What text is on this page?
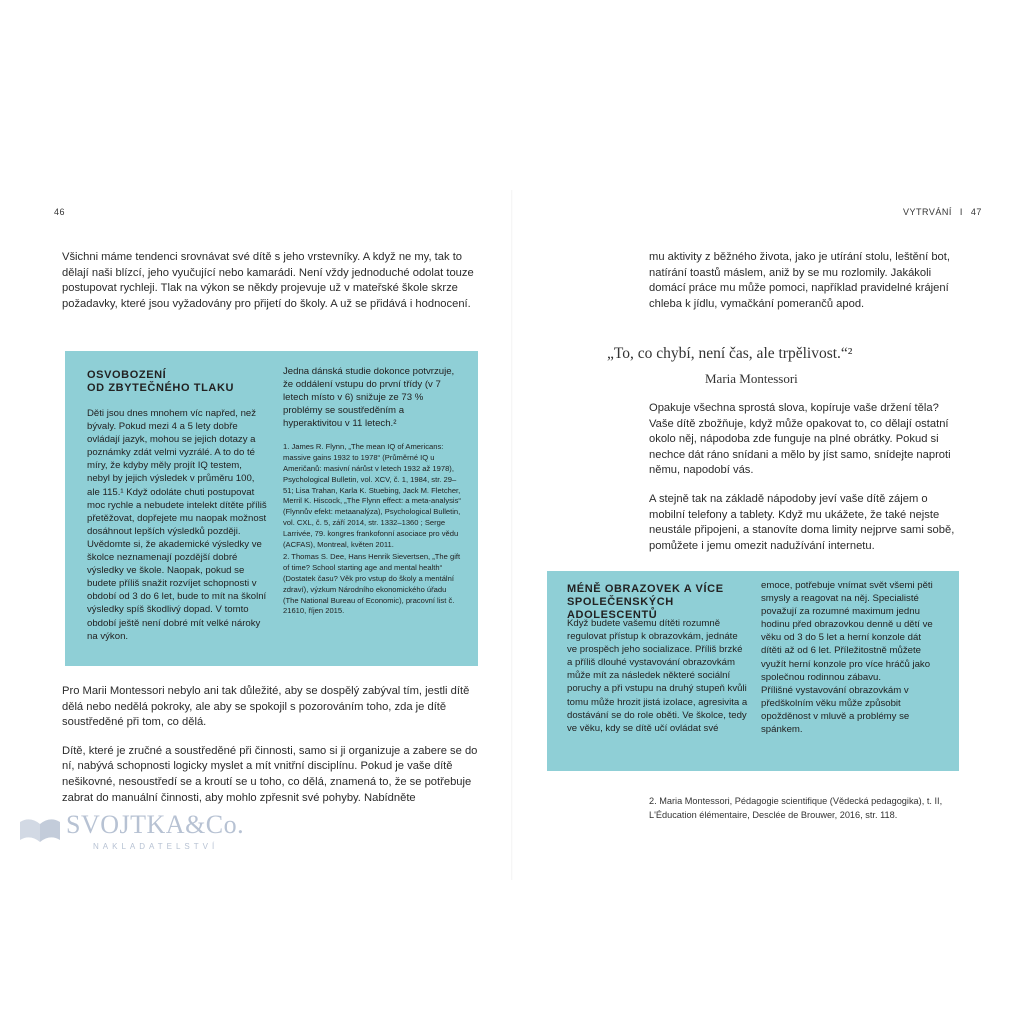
46

Všichni máme tendenci srovnávat své dítě s jeho vrstevníky. A když ne my, tak to dělají naši blízcí, jeho vyučující nebo kamarádi. Není vždy jednoduché odolat touze postupovat rychleji. Tlak na výkon se někdy projevuje už v mateřské škole skrze požadavky, které jsou vyžadovány pro přijetí do školy. A už se přidává i hodnocení.

OSVOBOZENÍ
OD ZBYTEČNÉHO TLAKU

Děti jsou dnes mnohem víc napřed, než bývaly. Pokud mezi 4 a 5 lety dobře ovládají jazyk, mohou se jejich dotazy a poznámky zdát velmi vyzrálé. A to do té míry, že kdyby měly projít IQ testem, nebyl by jejich výsledek v průměru 100, ale 115.¹ Když odoláte chuti postupovat moc rychle a nebudete intelekt dítěte příliš přetěžovat, dopřejete mu naopak možnost dosáhnout lepších výsledků později. Uvědomte si, že akademické výsledky ve školce neznamenají pozdější dobré výsledky ve škole. Naopak, pokud se budete příliš snažit rozvíjet schopnosti v období od 3 do 6 let, bude to mít na školní výsledky spíš škodlivý dopad. V tomto období ještě není dobré mít velké nároky na výkon.

Jedna dánská studie dokonce potvrzuje, že oddálení vstupu do první třídy (v 7 letech místo v 6) snižuje ze 73 % problémy se soustředěním a hyperaktivitou v 11 letech.²

1. James R. Flynn, „The mean IQ of Americans: massive gains 1932 to 1978“ (Průměrné IQ u Američanů: masivní nárůst v letech 1932 až 1978), Psychological Bulletin, vol. XCV, č. 1, 1984, str. 29–51; Lisa Trahan, Karla K. Stuebing, Jack M. Fletcher, Merril K. Hiscock, „The Flynn effect: a meta-analysis“ (Flynnův efekt: metaanalýza), Psychological Bulletin, vol. CXL, č. 5, září 2014, str. 1332–1360 ; Serge Larrivée, 79. kongres frankofonní asociace pro vědu (ACFAS), Montreal, květen 2011.

2. Thomas S. Dee, Hans Henrik Sievertsen, „The gift of time? School starting age and mental health“ (Dostatek času? Věk pro vstup do školy a mentální zdraví), výzkum Národního ekonomického úřadu (The National Bureau of Economic), pracovní list č. 21610, říjen 2015.

Pro Marii Montessori nebylo ani tak důležité, aby se dospělý zabýval tím, jestli dítě dělá nebo nedělá pokroky, ale aby se spokojil s pozorováním toho, zda je dítě soustředěné při tom, co dělá.

Dítě, které je zručné a soustředěné při činnosti, samo si ji organizuje a zabere se do ní, nabývá schopnosti logicky myslet a mít vnitřní disciplínu. Pokud je vaše dítě nešikovné, nesoustředí se a kroutí se u toho, co dělá, znamená to, že se potřebuje zabrat do manuální činnosti, aby mohlo zpřesnit své pohyby. Nabídněte

SVOJTKA&Co.
NAKLADATELSTVÍ
VYTRVÁNÍ I 47

mu aktivity z běžného života, jako je utírání stolu, leštění bot, natírání toastů máslem, aniž by se mu rozlomily. Jakákoli domácí práce mu může pomoci, například pravidelné krájení chleba k jídlu, vymačkání pomerančů apod.

„To, co chybí, není čas, ale trpělivost.“²
Maria Montessori

Opakuje všechna sprostá slova, kopíruje vaše držení těla? Vaše dítě zbožňuje, když může opakovat to, co dělají ostatní okolo něj, nápodoba zde funguje na plné obrátky. Pokud si nechce dát ráno snídani a mělo by jíst samo, snídejte naproti němu, napodobí vás.

A stejně tak na základě nápodoby jeví vaše dítě zájem o mobilní telefony a tablety. Když mu ukážete, že také nejste neustále připojeni, a stanovíte doma limity nejprve sami sobě, pomůžete i jemu omezit nadužívání internetu.

MÉNĚ OBRAZOVEK A VÍCE
SPOLEČENSKÝCH ADOLESCENTŮ

Když budete vašemu dítěti rozumně regulovat přístup k obrazovkám, jednáte ve prospěch jeho socializace. Příliš brzké a příliš dlouhé vystavování obrazovkám může mít za následek některé sociální poruchy a při vstupu na druhý stupeň kvůli tomu může hrozit jistá izolace, agresivita a dostávání se do role oběti. Ve školce, tedy ve věku, kdy se dítě učí ovládat své

emoce, potřebuje vnímat svět všemi pěti smysly a reagovat na něj. Specialisté považují za rozumné maximum jednu hodinu před obrazovkou denně u dětí ve věku od 3 do 5 let a herní konzole dát dítěti až od 6 let. Příležitostně můžete využít herní konzole pro více hráčů jako společnou rodinnou zábavu.

Přílišné vystavování obrazovkám v předškolním věku může způsobit opožděnost v mluvě a problémy se spánkem.

2. Maria Montessori, Pédagogie scientifique (Vědecká pedagogika), t. II, L'Éducation élémentaire, Desclée de Brouwer, 2016, str. 118.
